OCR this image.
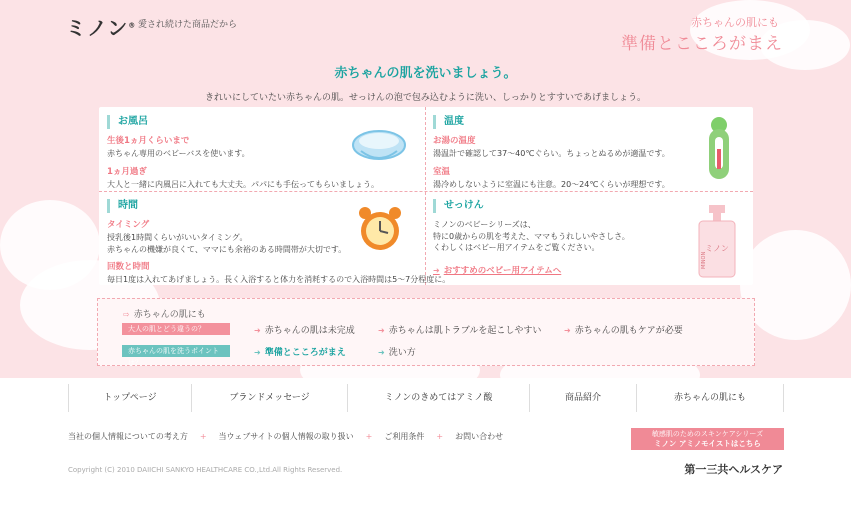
ミノン® 愛され続けた商品だから	赤ちゃんの肌にも
準備とこころがまえ
赤ちゃんの肌を洗いましょう。
きれいにしていたい赤ちゃんの肌。せっけんの泡で包み込むように洗い、しっかりとすすいであげましょう。
お風呂
生後1ヵ月くらいまで
赤ちゃん専用のベビーバスを使います。
1ヵ月過ぎ
大人と一緒に内風呂に入れても大丈夫。パパにも手伝ってもらいましょう。
温度
お湯の温度
湯温計で確認して37〜40℃ぐらい。ちょっとぬるめが適温です。
室温
湯冷めしないように室温にも注意。20〜24℃くらいが理想です。
時間
タイミング
授乳後1時間くらいがいいタイミング。
赤ちゃんの機嫌が良くて、ママにも余裕のある時間帯が大切です。
回数と時間
毎日1度は入れてあげましょう。長く入浴すると体力を消耗するので入浴時間は5〜7分程度に。
せっけん
ミノンのベビーシリーズは、
特に0歳からの肌を考えた、ママもうれしいやさしさ。
くわしくはベビー用アイテムをご覧ください。
➜ おすすめのベビー用アイテムへ
ミノン
MINON
⇨ 赤ちゃんの肌にも
大人の肌とどう違うの？
赤ちゃんの肌を洗うポイントは？
➜ 赤ちゃんの肌は未完成	➜ 赤ちゃんは肌トラブルを起こしやすい	➜ 赤ちゃんの肌もケアが必要
➜ 準備とこころがまえ	➜ 洗い方
トップページ	ブランドメッセージ	ミノンのきめてはアミノ酸	商品紹介	赤ちゃんの肌にも
当社の個人情報についての考え方 + 当ウェブサイトの個人情報の取り扱い + ご利用条件 + お問い合わせ	敏感肌のためのスキンケアシリーズ
ミノン アミノモイストはこちら
Copyright (C) 2010 DAIICHI SANKYO HEALTHCARE CO.,Ltd.All Rights Reserved.	第一三共ヘルスケア
